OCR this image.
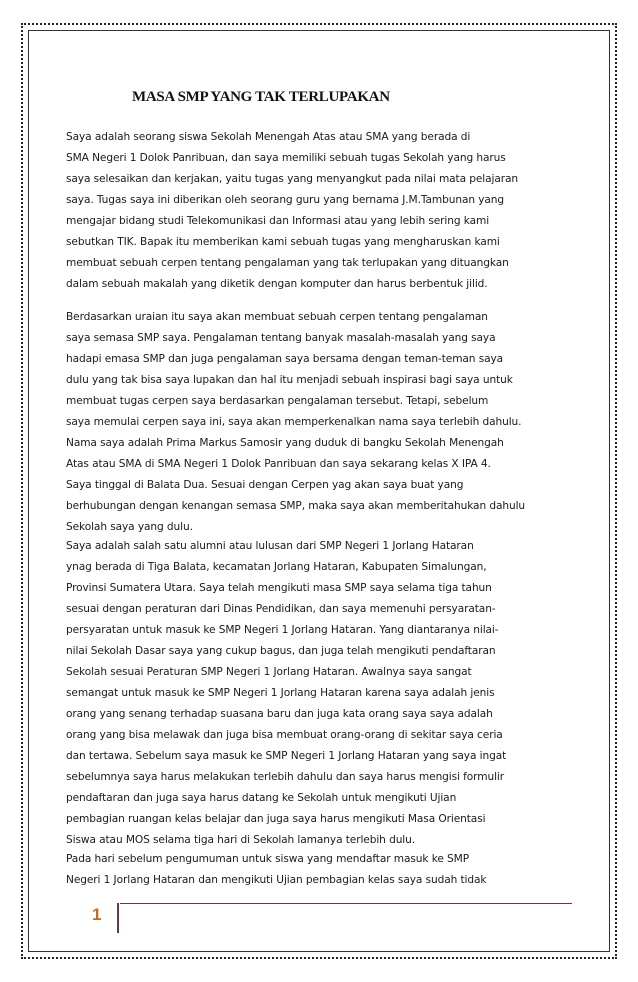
MASA SMP YANG TAK TERLUPAKAN
Saya adalah seorang siswa Sekolah Menengah Atas atau SMA yang berada di
SMA Negeri 1 Dolok Panribuan, dan saya memiliki sebuah tugas Sekolah yang harus
saya selesaikan dan kerjakan, yaitu tugas yang menyangkut pada nilai mata pelajaran
saya. Tugas saya ini diberikan oleh seorang guru yang bernama J.M.Tambunan yang
mengajar bidang studi Telekomunikasi dan Informasi atau yang lebih sering kami
sebutkan TIK. Bapak itu memberikan kami sebuah tugas yang mengharuskan kami
membuat sebuah cerpen tentang pengalaman yang tak terlupakan yang dituangkan
dalam sebuah makalah yang diketik dengan komputer dan harus berbentuk jilid.
Berdasarkan uraian itu saya akan membuat sebuah cerpen tentang pengalaman
saya semasa SMP saya. Pengalaman tentang banyak masalah-masalah yang saya
hadapi emasa SMP dan juga pengalaman saya bersama dengan teman-teman saya
dulu yang tak bisa saya lupakan dan hal itu menjadi sebuah inspirasi bagi saya untuk
membuat tugas cerpen saya berdasarkan pengalaman tersebut. Tetapi, sebelum
saya memulai cerpen saya ini, saya akan memperkenalkan nama saya terlebih dahulu.
Nama saya adalah Prima Markus Samosir yang duduk di bangku Sekolah Menengah
Atas atau SMA di SMA Negeri 1 Dolok Panribuan dan saya sekarang kelas X IPA 4.
Saya tinggal di Balata Dua. Sesuai dengan Cerpen yag akan saya buat yang
berhubungan dengan kenangan semasa SMP, maka saya akan memberitahukan dahulu
Sekolah saya yang dulu.
Saya adalah salah satu alumni atau lulusan dari SMP Negeri 1 Jorlang Hataran
ynag berada di Tiga Balata, kecamatan Jorlang Hataran, Kabupaten Simalungan,
Provinsi Sumatera Utara. Saya telah mengikuti masa SMP saya selama tiga tahun
sesuai dengan peraturan dari Dinas Pendidikan, dan saya memenuhi persyaratan-
persyaratan untuk masuk ke SMP Negeri 1 Jorlang Hataran. Yang diantaranya nilai-
nilai Sekolah Dasar saya yang cukup bagus, dan juga telah mengikuti pendaftaran
Sekolah sesuai Peraturan SMP Negeri 1 Jorlang Hataran. Awalnya saya sangat
semangat untuk masuk ke SMP Negeri 1 Jorlang Hataran karena saya adalah jenis
orang yang senang terhadap suasana baru dan juga kata orang saya saya adalah
orang yang bisa melawak dan juga bisa membuat orang-orang di sekitar saya ceria
dan tertawa. Sebelum saya masuk ke SMP Negeri 1 Jorlang Hataran yang saya ingat
sebelumnya saya harus melakukan terlebih dahulu dan saya harus mengisi formulir
pendaftaran dan juga saya harus datang ke Sekolah untuk mengikuti Ujian
pembagian ruangan kelas belajar dan juga saya harus mengikuti Masa Orientasi
Siswa atau MOS selama tiga hari di Sekolah lamanya terlebih dulu.
Pada hari sebelum pengumuman untuk siswa yang mendaftar masuk ke SMP
Negeri 1 Jorlang Hataran dan mengikuti Ujian pembagian kelas saya sudah tidak
1
